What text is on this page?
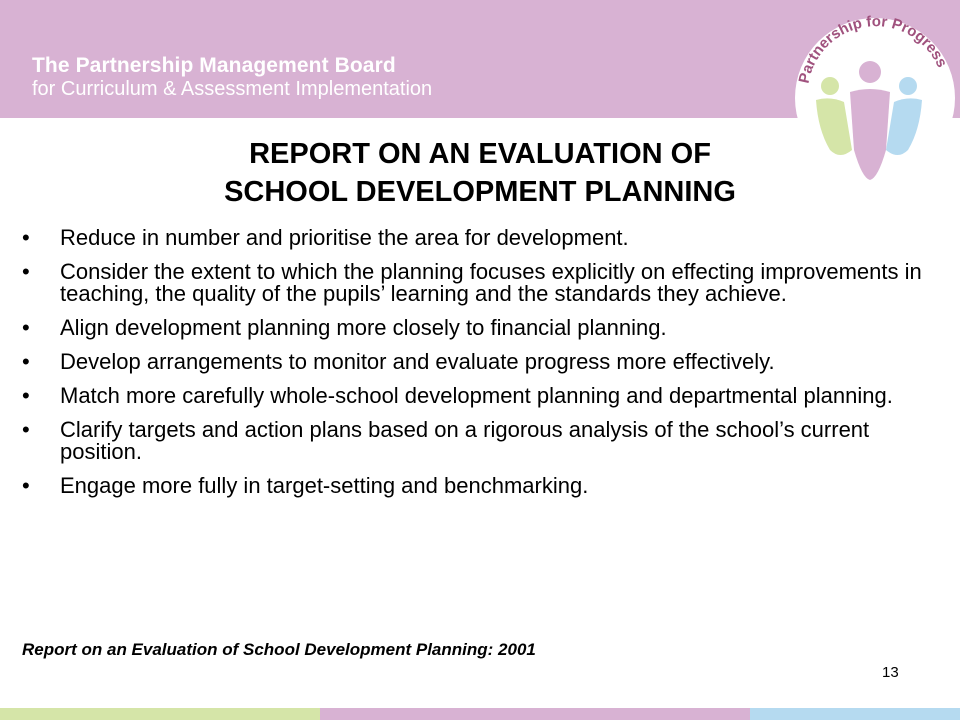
The Partnership Management Board
for Curriculum & Assessment Implementation	Partnership for Progress
REPORT ON AN EVALUATION OF
SCHOOL DEVELOPMENT PLANNING
• Reduce in number and prioritise the area for development.
• Consider the extent to which the planning focuses explicitly on effecting improvements in teaching, the quality of the pupils’ learning and the standards they achieve.
• Align development planning more closely to financial planning.
• Develop arrangements to monitor and evaluate progress more effectively.
• Match more carefully whole-school development planning and departmental planning.
• Clarify targets and action plans based on a rigorous analysis of the school’s current position.
• Engage more fully in target-setting and benchmarking.
Report on an Evaluation of School Development Planning: 2001
13
